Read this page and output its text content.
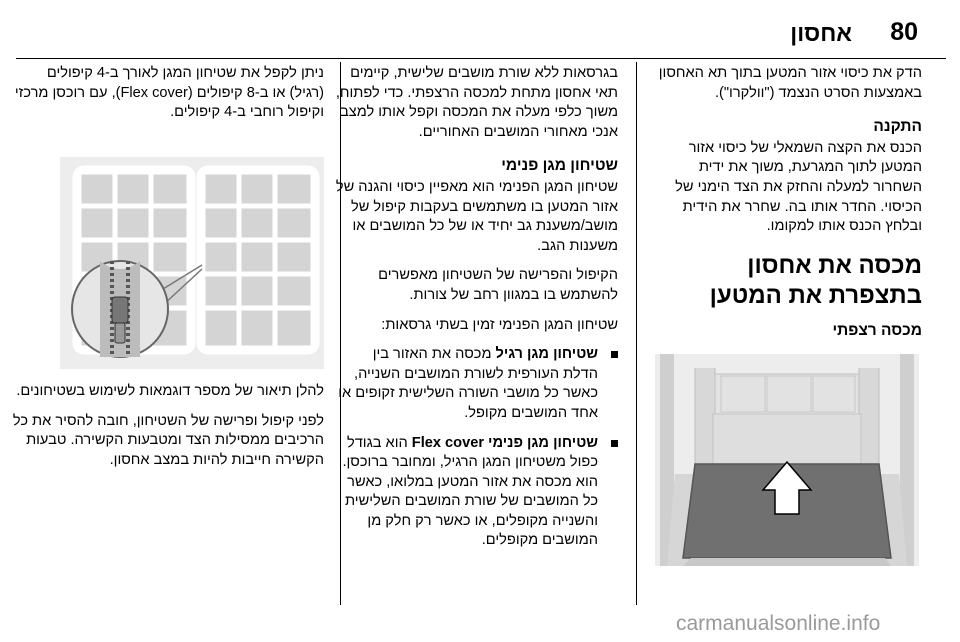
80
אחסון

הדק את כיסוי אזור המטען בתוך תא האחסון באמצעות הסרט הנצמד ("וולקרו").

התקנה

הכנס את הקצה השמאלי של כיסוי אזור המטען לתוך המגרעת, משוך את ידית השחרור למעלה והחזק את הצד הימני של הכיסוי. החדר אותו בה. שחרר את הידית ובלחץ הכנס אותו למקומו.

מכסה את אחסון בתצפרת את המטען
מכסה רצפתי

בגרסאות ללא שורת מושבים שלישית, קיימים תאי אחסון מתחת למכסה הרצפתי. כדי לפתוח, משוך כלפי מעלה את המכסה וקפל אותו למצב אנכי מאחורי המושבים האחוריים.

שטיחון מגן פנימי

שטיחון המגן הפנימי הוא מאפיין כיסוי והגנה של אזור המטען בו משתמשים בעקבות קיפול של מושב/משענת גב יחיד או של כל המושבים או משענות הגב.

הקיפול והפרישה של השטיחון מאפשרים להשתמש בו במגוון רחב של צורות.

שטיחון המגן הפנימי זמין בשתי גרסאות:

שטיחון מגן רגיל מכסה את האזור בין הדלת העורפית לשורת המושבים השנייה, כאשר כל מושבי השורה השלישית זקופים או אחד המושבים מקופל.
שטיחון מגן פנימי Flex cover הוא בגודל כפול משטיחון המגן הרגיל, ומחובר ברוכסן. הוא מכסה את אזור המטען במלואו, כאשר כל המושבים של שורת המושבים השלישית והשנייה מקופלים, או כאשר רק חלק מן המושבים מקופלים.

ניתן לקפל את שטיחון המגן לאורך ב-4 קיפולים (רגיל) או ב-8 קיפולים (Flex cover), עם רוכסן מרכזי וקיפול רוחבי ב-4 קיפולים.

להלן תיאור של מספר דוגמאות לשימוש בשטיחונים.

לפני קיפול ופרישה של השטיחון, חובה להסיר את כל הרכיבים ממסילות הצד ומטבעות הקשירה. טבעות הקשירה חייבות להיות במצב אחסון.

carmanualsonline.info
